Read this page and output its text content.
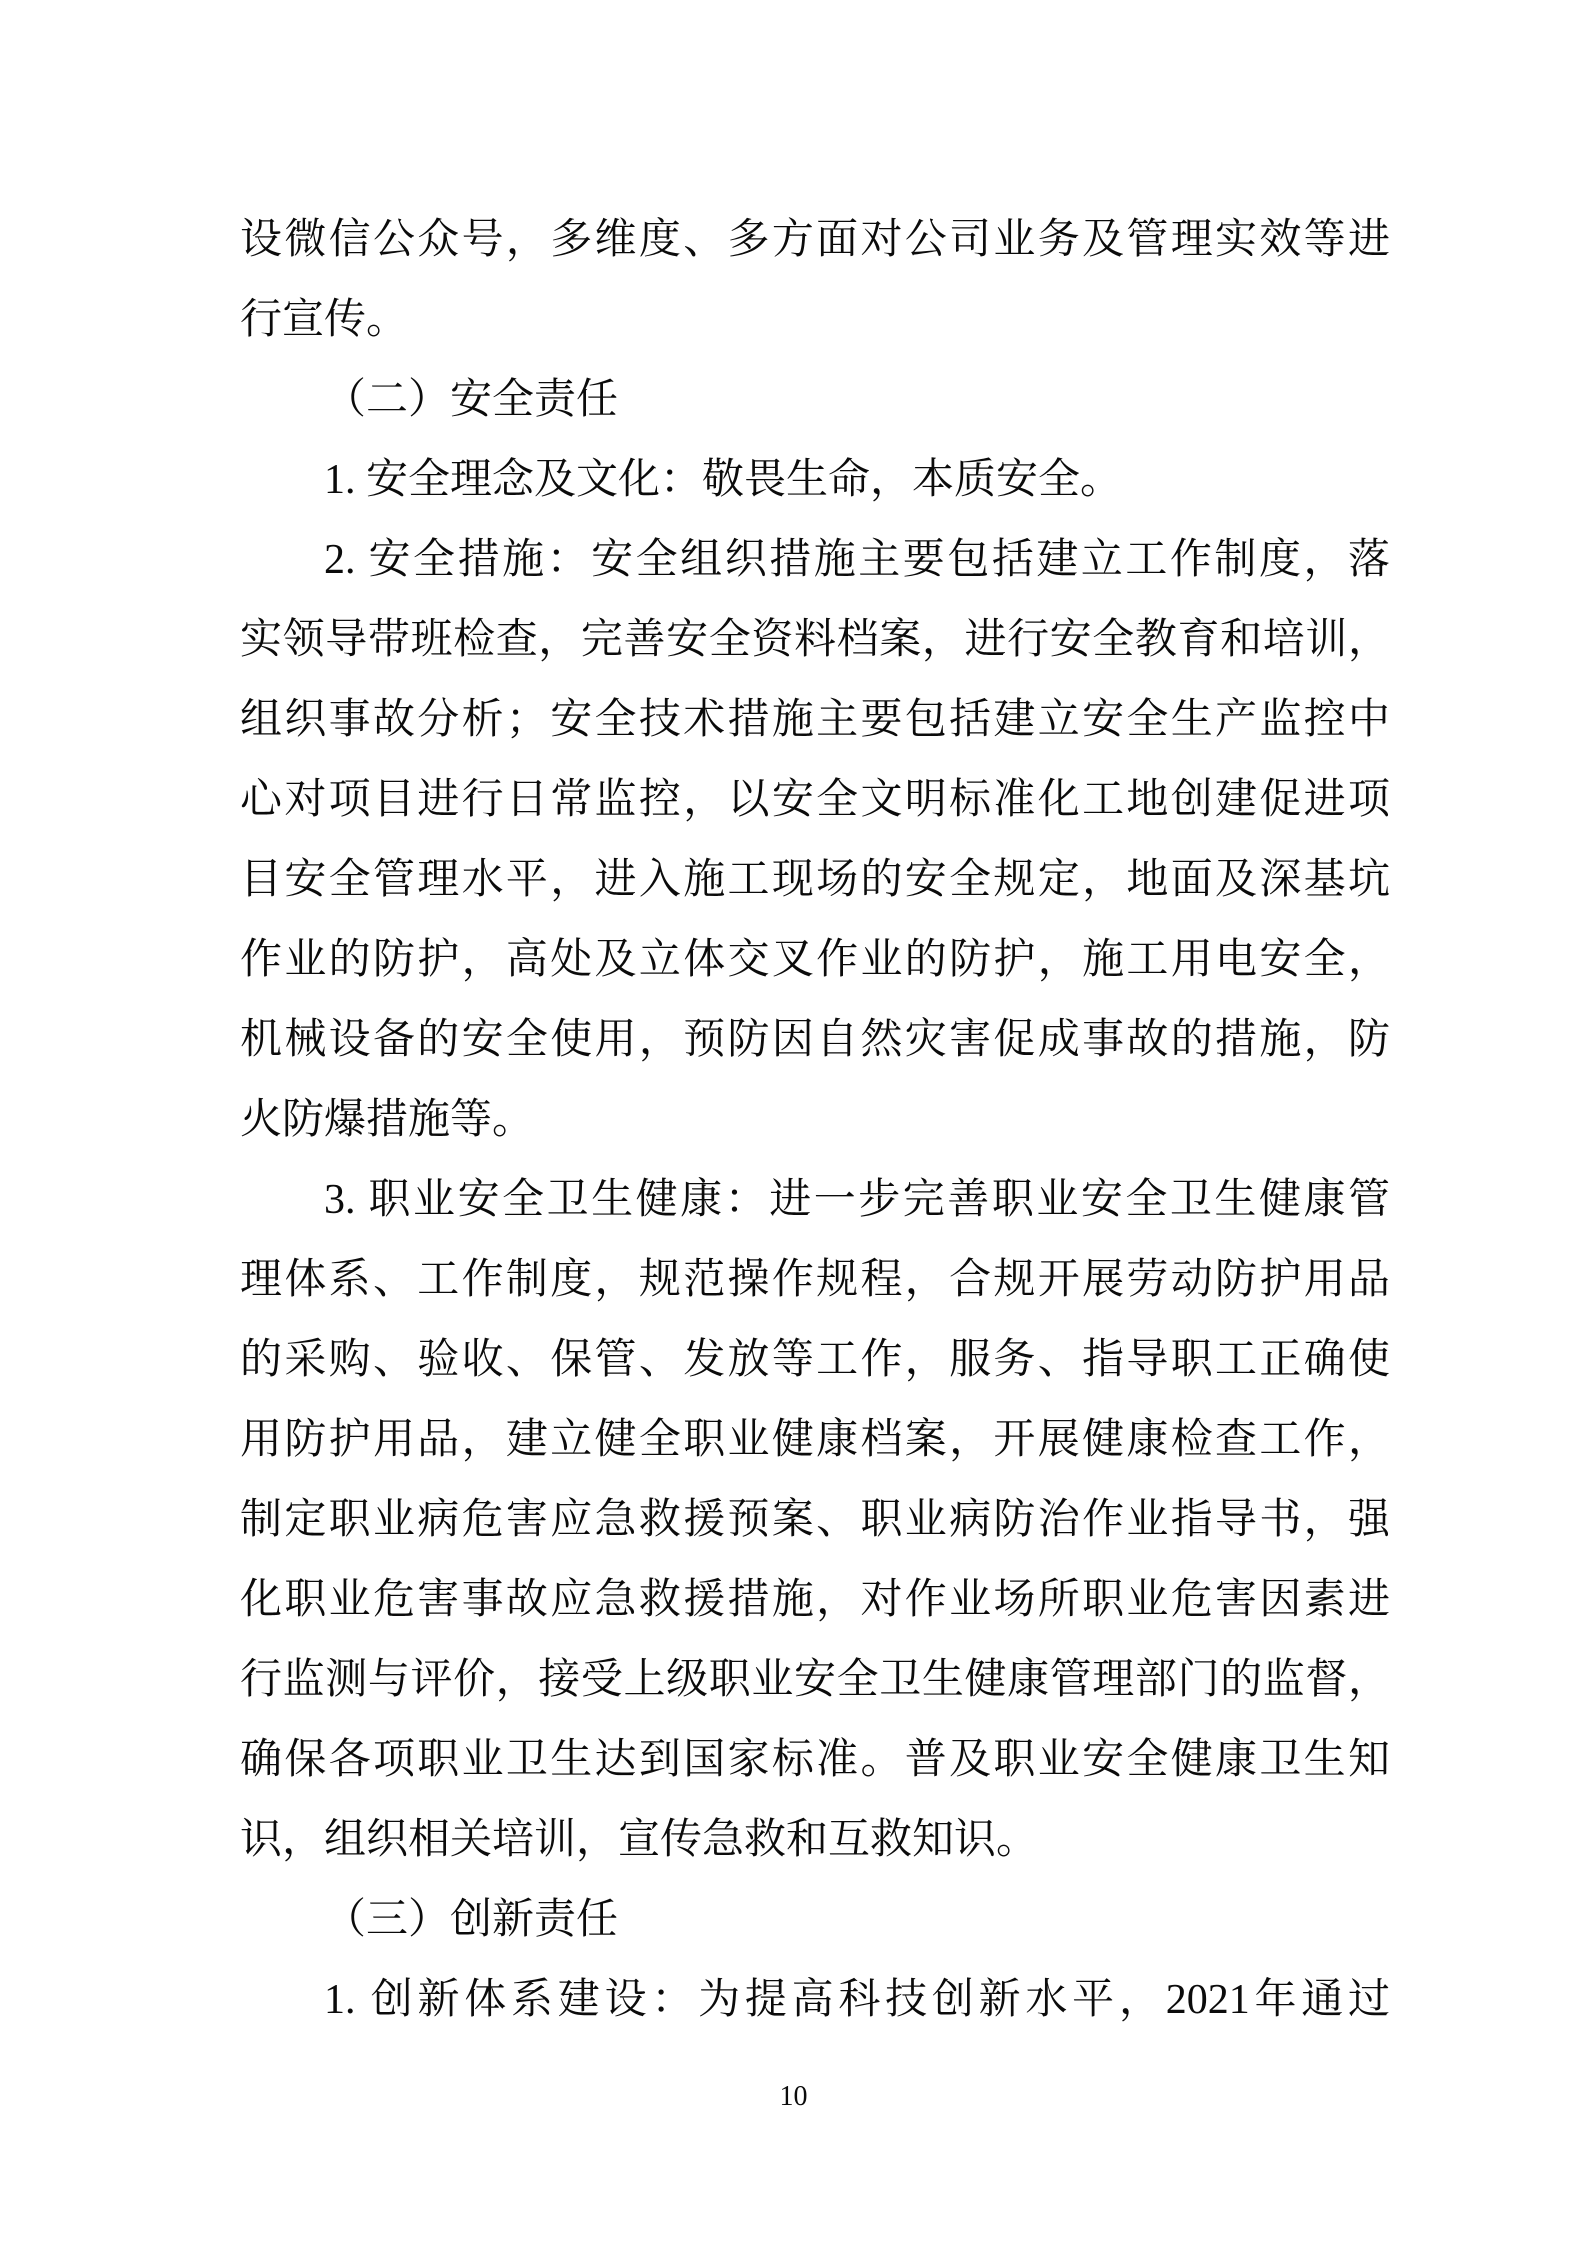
设微信公众号，多维度、多方面对公司业务及管理实效等进
行宣传。
（二）安全责任
1. 安全理念及文化：敬畏生命，本质安全。
2. 安全措施：安全组织措施主要包括建立工作制度，落
实领导带班检查，完善安全资料档案，进行安全教育和培训，
组织事故分析；安全技术措施主要包括建立安全生产监控中
心对项目进行日常监控，以安全文明标准化工地创建促进项
目安全管理水平，进入施工现场的安全规定，地面及深基坑
作业的防护，高处及立体交叉作业的防护，施工用电安全，
机械设备的安全使用，预防因自然灾害促成事故的措施，防
火防爆措施等。
3. 职业安全卫生健康：进一步完善职业安全卫生健康管
理体系、工作制度，规范操作规程，合规开展劳动防护用品
的采购、验收、保管、发放等工作，服务、指导职工正确使
用防护用品，建立健全职业健康档案，开展健康检查工作，
制定职业病危害应急救援预案、职业病防治作业指导书，强
化职业危害事故应急救援措施，对作业场所职业危害因素进
行监测与评价，接受上级职业安全卫生健康管理部门的监督，
确保各项职业卫生达到国家标准。普及职业安全健康卫生知
识，组织相关培训，宣传急救和互救知识。
（三）创新责任
1. 创新体系建设：为提高科技创新水平，2021年通过
10
